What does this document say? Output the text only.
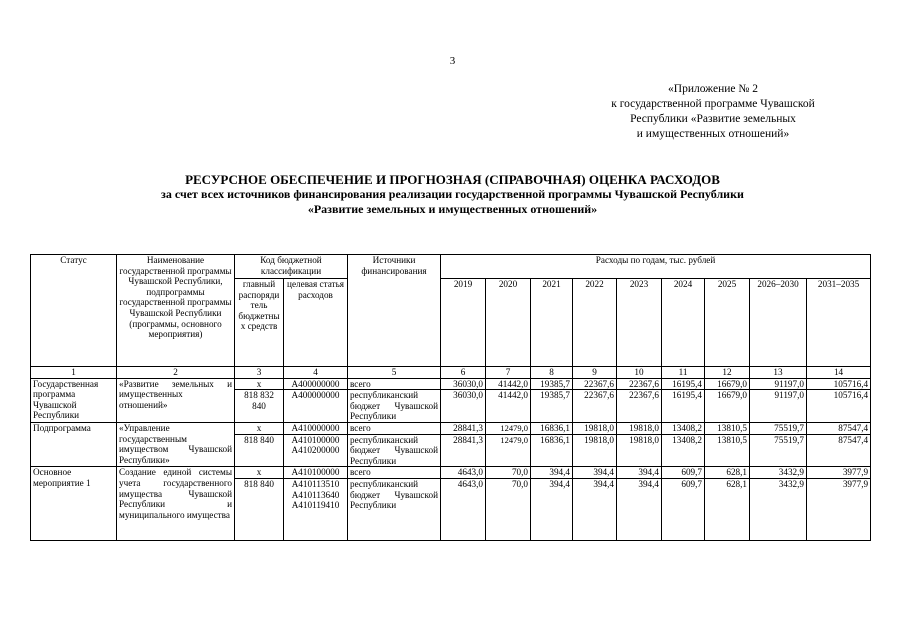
3
«Приложение № 2
к государственной программе Чувашской
Республики «Развитие земельных
и имущественных отношений»
РЕСУРСНОЕ ОБЕСПЕЧЕНИЕ И ПРОГНОЗНАЯ (СПРАВОЧНАЯ) ОЦЕНКА РАСХОДОВ
за счет всех источников финансирования реализации государственной программы Чувашской Республики
«Развитие земельных и имущественных отношений»
Статус	Наименование государственной программы Чувашской Республики, подпрограммы государственной программы Чувашской Республики (программы, основного мероприятия)	Код бюджетной классификации		Источники финансирования	Расходы по годам, тыс. рублей								
		главный распорядитель бюджетных средств	целевая статья расходов		2019	2020	2021	2022	2023	2024	2025	2026–2030	2031–2035
1	2	3	4	5	6	7	8	9	10	11	12	13	14
Государственная программа Чувашской Республики	«Развитие земельных и имущественных отношений»	x	A400000000	всего	36030,0	41442,0	19385,7	22367,6	22367,6	16195,4	16679,0	91197,0	105716,4
		818 832 840	A400000000	республиканский бюджет Чувашской Республики	36030,0	41442,0	19385,7	22367,6	22367,6	16195,4	16679,0	91197,0	105716,4
Подпрограмма	«Управление государственным имуществом Чувашской Республики»	x	A410000000	всего	28841,3	12479,0	16836,1	19818,0	19818,0	13408,2	13810,5	75519,7	87547,4
		818 840	A410100000 A410200000	республиканский бюджет Чувашской Республики	28841,3	12479,0	16836,1	19818,0	19818,0	13408,2	13810,5	75519,7	87547,4
Основное мероприятие 1	Создание единой системы учета государственного имущества Чувашской Республики и муниципального имущества	x	A410100000	всего	4643,0	70,0	394,4	394,4	394,4	609,7	628,1	3432,9	3977,9
		818 840	A410113510 A410113640 A410119410	республиканский бюджет Чувашской Республики	4643,0	70,0	394,4	394,4	394,4	609,7	628,1	3432,9	3977,9
